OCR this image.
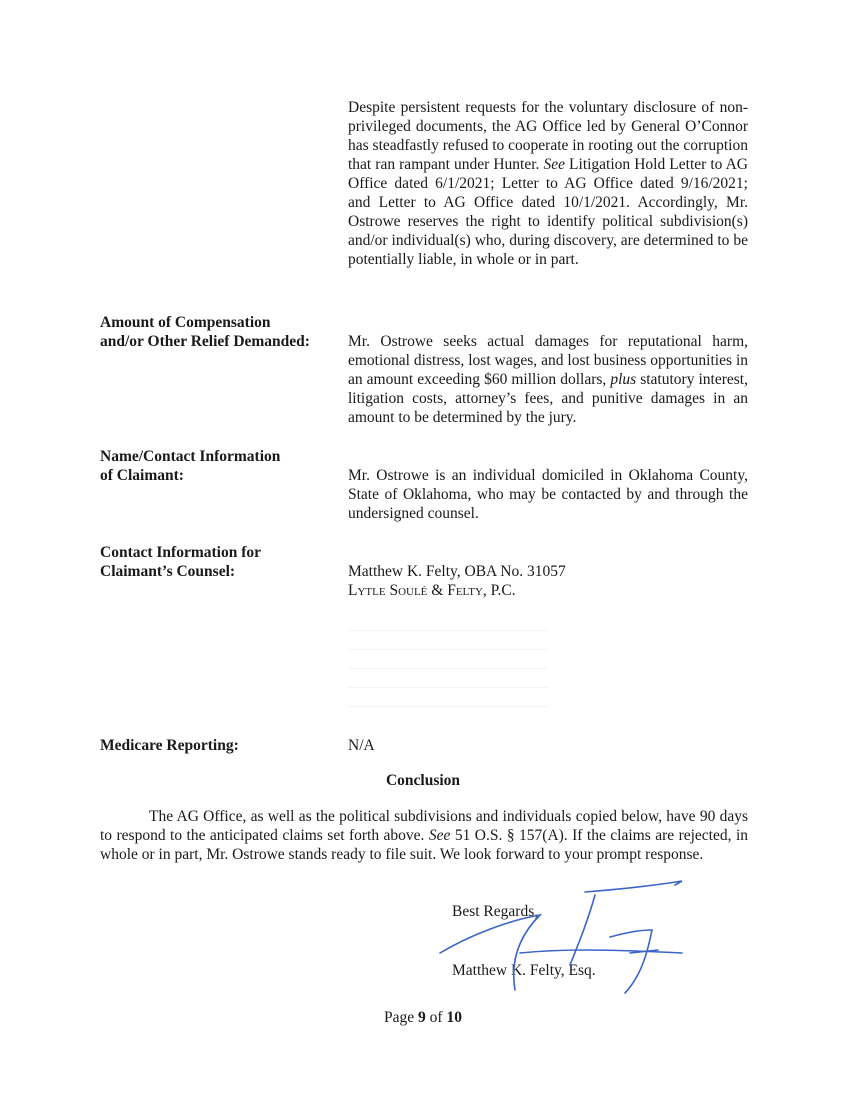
Despite persistent requests for the voluntary disclosure of non-privileged documents, the AG Office led by General O’Connor has steadfastly refused to cooperate in rooting out the corruption that ran rampant under Hunter. See Litigation Hold Letter to AG Office dated 6/1/2021; Letter to AG Office dated 9/16/2021; and Letter to AG Office dated 10/1/2021. Accordingly, Mr. Ostrowe reserves the right to identify political subdivision(s) and/or individual(s) who, during discovery, are determined to be potentially liable, in whole or in part.

Amount of Compensation
and/or Other Relief Demanded:	Mr. Ostrowe seeks actual damages for reputational harm, emotional distress, lost wages, and lost business opportunities in an amount exceeding $60 million dollars, plus statutory interest, litigation costs, attorney’s fees, and punitive damages in an amount to be determined by the jury.

Name/Contact Information
of Claimant:	Mr. Ostrowe is an individual domiciled in Oklahoma County, State of Oklahoma, who may be contacted by and through the undersigned counsel.

Contact Information for
Claimant’s Counsel:	Matthew K. Felty, OBA No. 31057
Lytle Soulé & Felty, P.C.

Medicare Reporting:	N/A

Conclusion

The AG Office, as well as the political subdivisions and individuals copied below, have 90 days to respond to the anticipated claims set forth above. See 51 O.S. § 157(A). If the claims are rejected, in whole or in part, Mr. Ostrowe stands ready to file suit. We look forward to your prompt response.

Best Regards,
Matthew K. Felty, Esq.
Page 9 of 10
